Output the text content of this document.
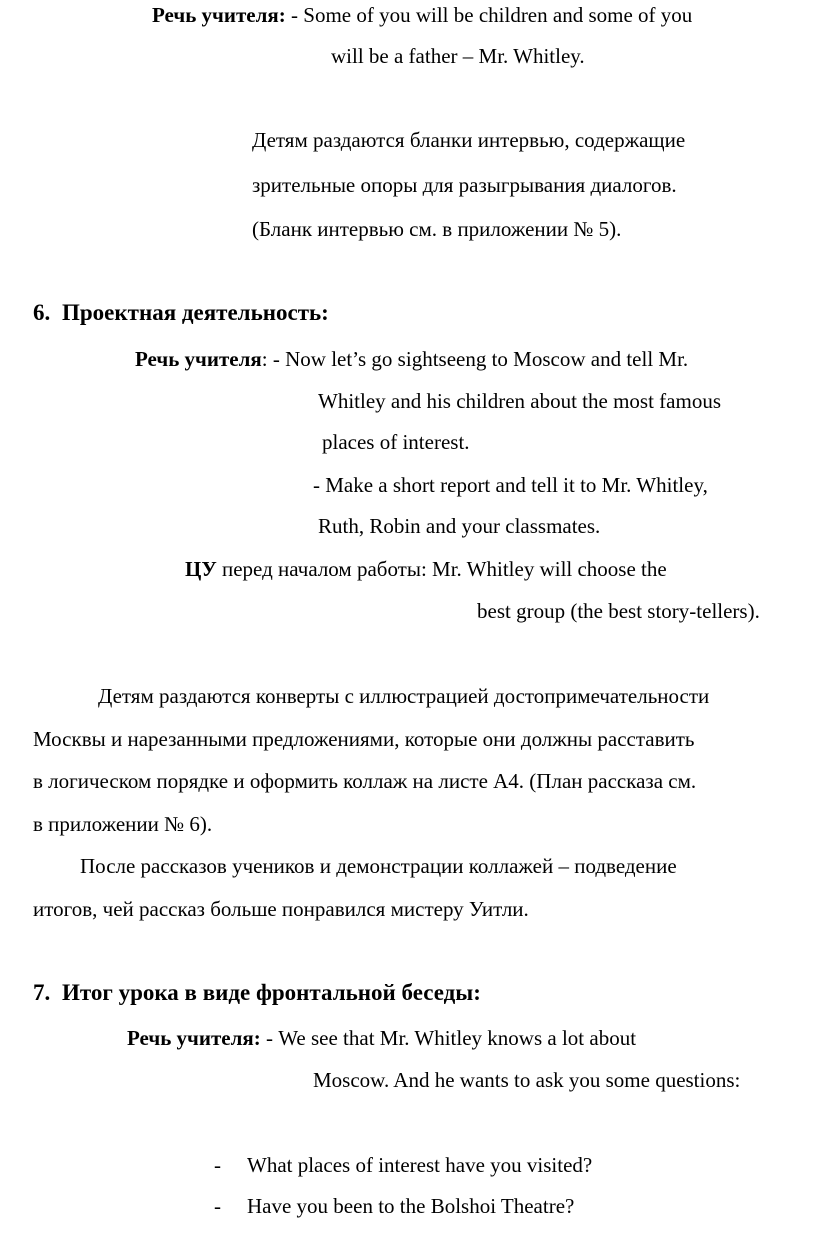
Речь учителя: - Some of you will be children and some of you
will be a father – Mr. Whitley.
Детям раздаются бланки интервью, содержащие
зрительные опоры для разыгрывания диалогов.
(Бланк интервью см. в приложении № 5).
6. Проектная деятельность:
Речь учителя: - Now let’s go sightseeng to Moscow and tell Mr.
Whitley and his children about the most famous
places of interest.
- Make a short report and tell it to Mr. Whitley,
Ruth, Robin and your classmates.
ЦУ перед началом работы: Mr. Whitley will choose the
best group (the best story-tellers).
Детям раздаются конверты с иллюстрацией достопримечательности
Москвы и нарезанными предложениями, которые они должны расставить
в логическом порядке и оформить коллаж на листе А4. (План рассказа см.
в приложении № 6).
После рассказов учеников и демонстрации коллажей – подведение
итогов, чей рассказ больше понравился мистеру Уитли.
7. Итог урока в виде фронтальной беседы:
Речь учителя: - We see that Mr. Whitley knows a lot about
Moscow. And he wants to ask you some questions:
- What places of interest have you visited?
- Have you been to the Bolshoi Theatre?
